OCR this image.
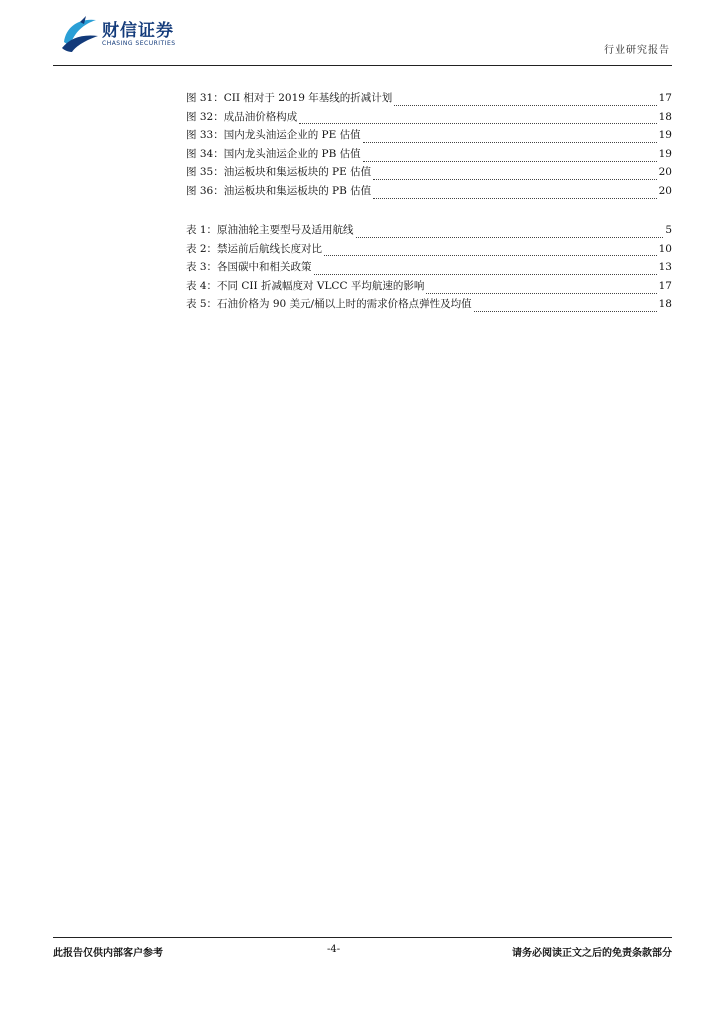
财信证券
CHASING SECURITIES
行业研究报告
图 31：CII 相对于 2019 年基线的折减计划	17
图 32：成品油价格构成	18
图 33：国内龙头油运企业的 PE 估值	19
图 34：国内龙头油运企业的 PB 估值	19
图 35：油运板块和集运板块的 PE 估值	20
图 36：油运板块和集运板块的 PB 估值	20
表 1：原油油轮主要型号及适用航线	5
表 2：禁运前后航线长度对比	10
表 3：各国碳中和相关政策	13
表 4：不同 CII 折减幅度对 VLCC 平均航速的影响	17
表 5：石油价格为 90 美元/桶以上时的需求价格点弹性及均值	18
此报告仅供内部客户参考	-4-	请务必阅读正文之后的免责条款部分
